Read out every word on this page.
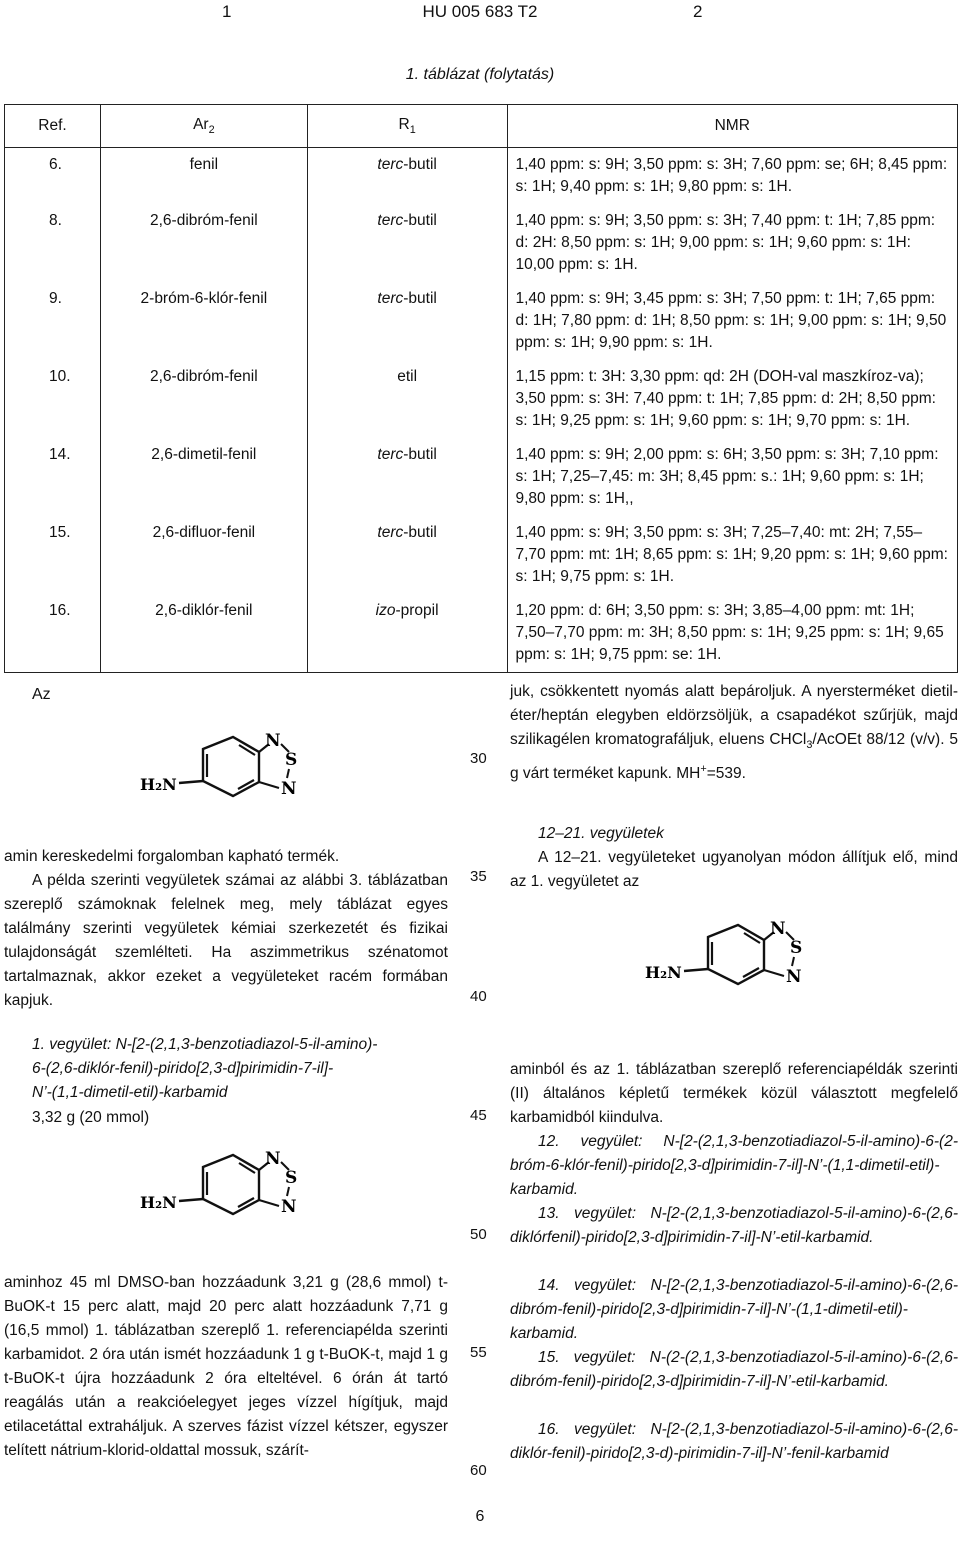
1	HU 005 683 T2	2
1. táblázat (folytatás)
Ref.	$Ar_2$	$R_1$	NMR
6.	fenil	terc-butil	1,40 ppm: s: 9H; 3,50 ppm: s: 3H; 7,60 ppm: se; 6H; 8,45 ppm: s: 1H; 9,40 ppm: s: 1H; 9,80 ppm: s: 1H.
8.	2,6-dibróm-fenil	terc-butil	1,40 ppm: s: 9H; 3,50 ppm: s: 3H; 7,40 ppm: t: 1H; 7,85 ppm: d: 2H: 8,50 ppm: s: 1H; 9,00 ppm: s: 1H; 9,60 ppm: s: 1H: 10,00 ppm: s: 1H.
9.	2-bróm-6-klór-fenil	terc-butil	1,40 ppm: s: 9H; 3,45 ppm: s: 3H; 7,50 ppm: t: 1H; 7,65 ppm: d: 1H; 7,80 ppm: d: 1H; 8,50 ppm: s: 1H; 9,00 ppm: s: 1H; 9,50 ppm: s: 1H; 9,90 ppm: s: 1H.
10.	2,6-dibróm-fenil	etil	1,15 ppm: t: 3H: 3,30 ppm: qd: 2H (DOH-val maszkíroz-va); 3,50 ppm: s: 3H: 7,40 ppm: t: 1H; 7,85 ppm: d: 2H; 8,50 ppm: s: 1H; 9,25 ppm: s: 1H; 9,60 ppm: s: 1H; 9,70 ppm: s: 1H.
14.	2,6-dimetil-fenil	terc-butil	1,40 ppm: s: 9H; 2,00 ppm: s: 6H; 3,50 ppm: s: 3H; 7,10 ppm: s: 1H; 7,25–7,45: m: 3H; 8,45 ppm: s.: 1H; 9,60 ppm: s: 1H; 9,80 ppm: s: 1H,,
15.	2,6-difluor-fenil	terc-butil	1,40 ppm: s: 9H; 3,50 ppm: s: 3H; 7,25–7,40: mt: 2H; 7,55–7,70 ppm: mt: 1H; 8,65 ppm: s: 1H; 9,20 ppm: s: 1H; 9,60 ppm: s: 1H; 9,75 ppm: s: 1H.
16.	2,6-diklór-fenil	izo-propil	1,20 ppm: d: 6H; 3,50 ppm: s: 3H; 3,85–4,00 ppm: mt: 1H; 7,50–7,70 ppm: m: 3H; 8,50 ppm: s: 1H; 9,25 ppm: s: 1H; 9,65 ppm: s: 1H; 9,75 ppm: se: 1H.
Az
N
S
N
H₂N
amin kereskedelmi forgalomban kapható termék.
A példa szerinti vegyületek számai az alábbi 3. táblázatban szereplő számoknak felelnek meg, mely táblázat egyes találmány szerinti vegyületek kémiai szerkezetét és fizikai tulajdonságát szemlélteti. Ha aszimmetrikus szénatomot tartalmaznak, akkor ezeket a vegyületeket racém formában kapjuk.
1. vegyület: N-[2-(2,1,3-benzotiadiazol-5-il-amino)-
6-(2,6-diklór-fenil)-pirido[2,3-d]pirimidin-7-il]-
N’-(1,1-dimetil-etil)-karbamid
3,32 g (20 mmol)
N
S
N
H₂N
aminhoz 45 ml DMSO-ban hozzáadunk 3,21 g (28,6 mmol) t-BuOK-t 15 perc alatt, majd 20 perc alatt hozzáadunk 7,71 g (16,5 mmol) 1. táblázatban szereplő 1. referenciapélda szerinti karbamidot. 2 óra után ismét hozzáadunk 1 g t-BuOK-t, majd 1 g t-BuOK-t újra hozzáadunk 2 óra elteltével. 6 órán át tartó reagálás után a reakcióelegyet jeges vízzel hígítjuk, majd etilacetáttal extraháljuk. A szerves fázist vízzel kétszer, egyszer telített nátrium-klorid-oldattal mossuk, szárít-
30
35
40
45
50
55
60
juk, csökkentett nyomás alatt bepároljuk. A nyersterméket dietil-éter/heptán elegyben eldörzsöljük, a csapadékot szűrjük, majd szilikagélen kromatografáljuk, eluens CHCl$_3$/AcOEt 88/12 (v/v). 5 g várt terméket kapunk. MH+=539.
12–21. vegyületek
A 12–21. vegyületeket ugyanolyan módon állítjuk elő, mind az 1. vegyületet az
N
S
N
H₂N
aminból és az 1. táblázatban szereplő referenciapéldák szerinti (II) általános képletű termékek közül választott megfelelő karbamidból kiindulva.
12. vegyület: N-[2-(2,1,3-benzotiadiazol-5-il-amino)-6-(2-bróm-6-klór-fenil)-pirido[2,3-d]pirimidin-7-il]-N’-(1,1-dimetil-etil)-karbamid.
13. vegyület: N-[2-(2,1,3-benzotiadiazol-5-il-amino)-6-(2,6-diklórfenil)-pirido[2,3-d]pirimidin-7-il]-N’-etil-karbamid.
14. vegyület: N-[2-(2,1,3-benzotiadiazol-5-il-amino)-6-(2,6-dibróm-fenil)-pirido[2,3-d]pirimidin-7-il]-N’-(1,1-dimetil-etil)-karbamid.
15. vegyület: N-(2-(2,1,3-benzotiadiazol-5-il-amino)-6-(2,6-dibróm-fenil)-pirido[2,3-d]pirimidin-7-il]-N’-etil-karbamid.
16. vegyület: N-[2-(2,1,3-benzotiadiazol-5-il-amino)-6-(2,6-diklór-fenil)-pirido[2,3-d)-pirimidin-7-il]-N’-fenil-karbamid
6
